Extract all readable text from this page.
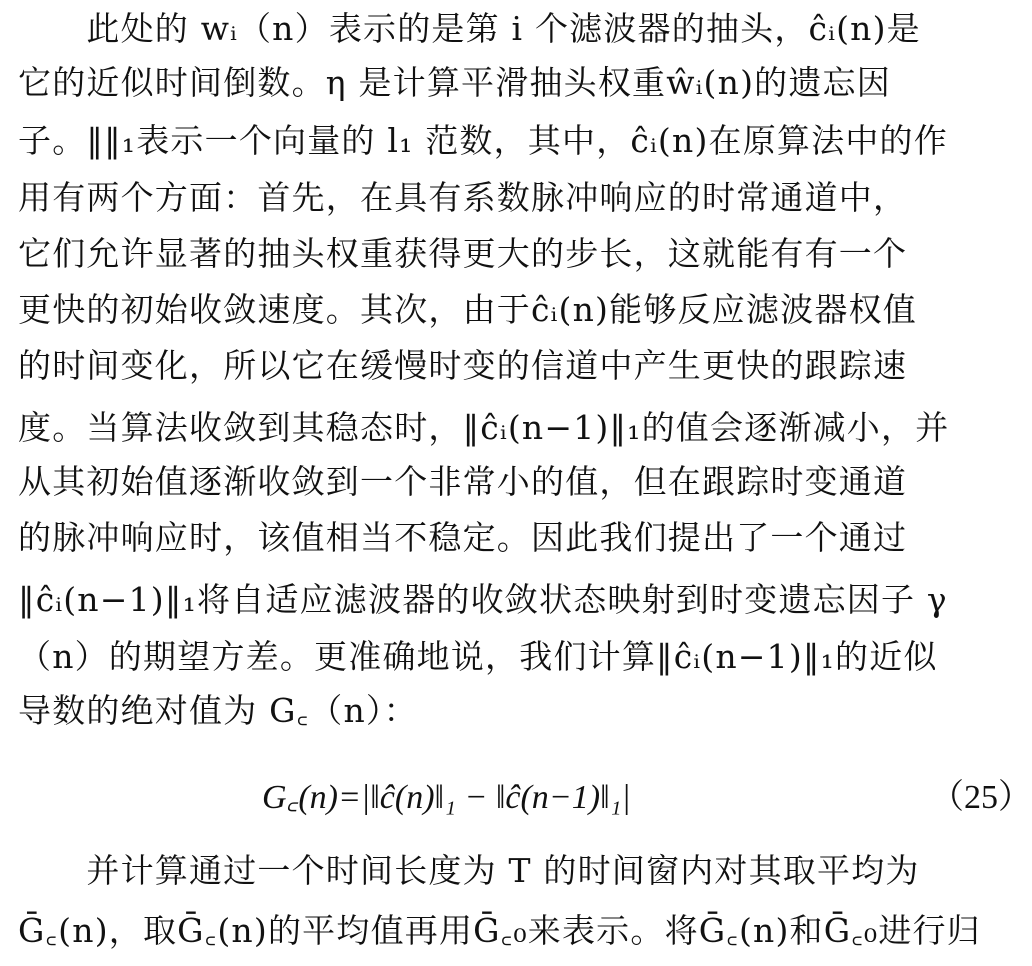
　　此处的 wᵢ（n）表示的是第 i 个滤波器的抽头，ĉᵢ(n)是
它的近似时间倒数。η 是计算平滑抽头权重ŵᵢ(n)的遗忘因
子。‖‖₁表示一个向量的 l₁ 范数，其中，ĉᵢ(n)在原算法中的作
用有两个方面：首先，在具有系数脉冲响应的时常通道中，
它们允许显著的抽头权重获得更大的步长，这就能有有一个
更快的初始收敛速度。其次，由于ĉᵢ(n)能够反应滤波器权值
的时间变化，所以它在缓慢时变的信道中产生更快的跟踪速
度。当算法收敛到其稳态时，‖ĉᵢ(n−1)‖₁的值会逐渐减小，并
从其初始值逐渐收敛到一个非常小的值，但在跟踪时变通道
的脉冲响应时，该值相当不稳定。因此我们提出了一个通过
‖ĉᵢ(n−1)‖₁将自适应滤波器的收敛状态映射到时变遗忘因子 γ
（n）的期望方差。更准确地说，我们计算‖ĉᵢ(n−1)‖₁的近似
导数的绝对值为 G꜀（n）：
G꜀(n)=|‖ĉ(n)‖₁ − ‖ĉ(n−1)‖₁|	（25）
　　并计算通过一个时间长度为 T 的时间窗内对其取平均为
Ḡ꜀(n)，取Ḡ꜀(n)的平均值再用Ḡ꜀₀来表示。将Ḡ꜀(n)和Ḡ꜀₀进行归
